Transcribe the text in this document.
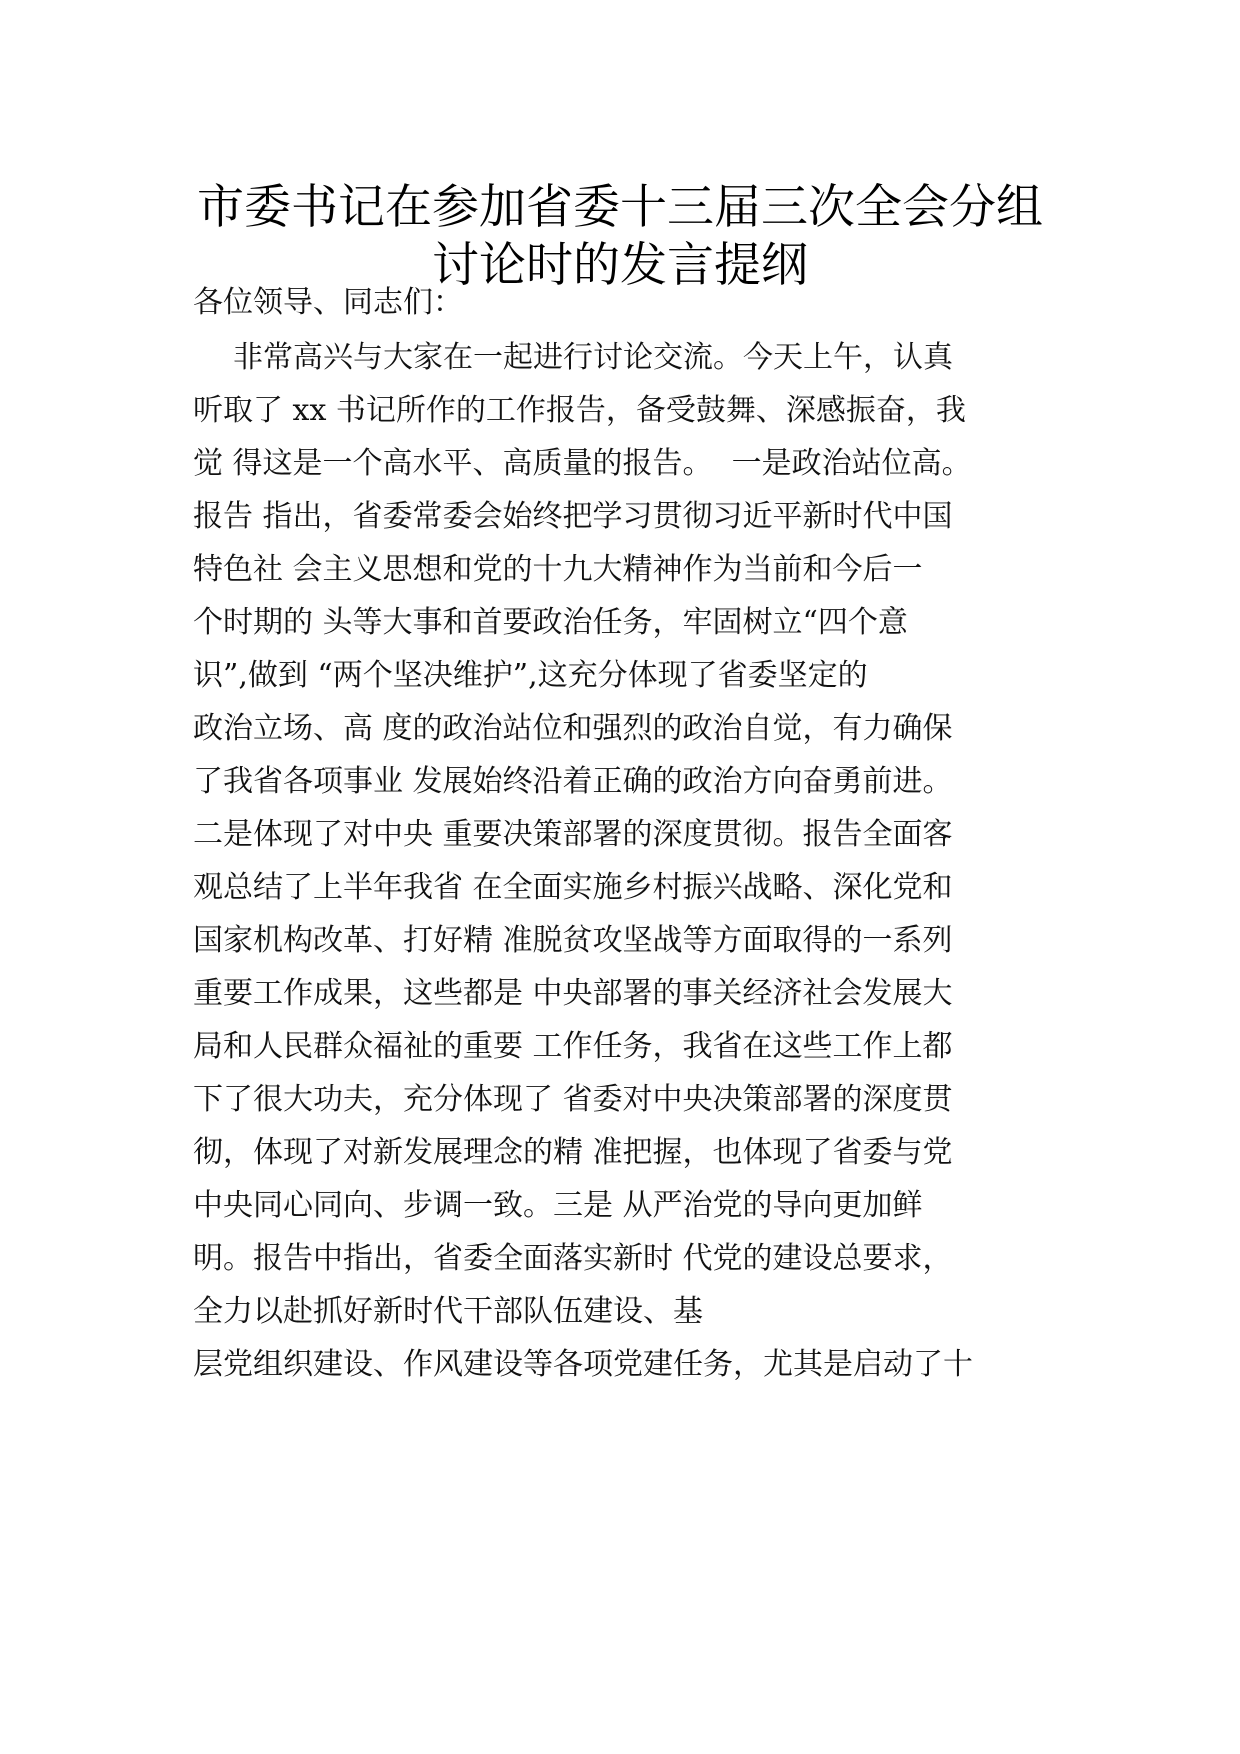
市委书记在参加省委十三届三次全会分组
讨论时的发言提纲

各位领导、同志们：

非常高兴与大家在一起进行讨论交流。今天上午，认真

听取了 xx 书记所作的工作报告，备受鼓舞、深感振奋，我

觉 得这是一个高水平、高质量的报告。  一是政治站位高。

报告 指出，省委常委会始终把学习贯彻习近平新时代中国

特色社 会主义思想和党的十九大精神作为当前和今后一

个时期的 头等大事和首要政治任务，牢固树立“四个意

识”,做到 “两个坚决维护”,这充分体现了省委坚定的

政治立场、高 度的政治站位和强烈的政治自觉，有力确保

了我省各项事业 发展始终沿着正确的政治方向奋勇前进。

二是体现了对中央 重要决策部署的深度贯彻。报告全面客

观总结了上半年我省 在全面实施乡村振兴战略、深化党和

国家机构改革、打好精 准脱贫攻坚战等方面取得的一系列

重要工作成果，这些都是 中央部署的事关经济社会发展大

局和人民群众福祉的重要 工作任务，我省在这些工作上都

下了很大功夫，充分体现了 省委对中央决策部署的深度贯

彻，体现了对新发展理念的精 准把握，也体现了省委与党

中央同心同向、步调一致。三是 从严治党的导向更加鲜

明。报告中指出，省委全面落实新时 代党的建设总要求，

全力以赴抓好新时代干部队伍建设、基

层党组织建设、作风建设等各项党建任务，尤其是启动了十
